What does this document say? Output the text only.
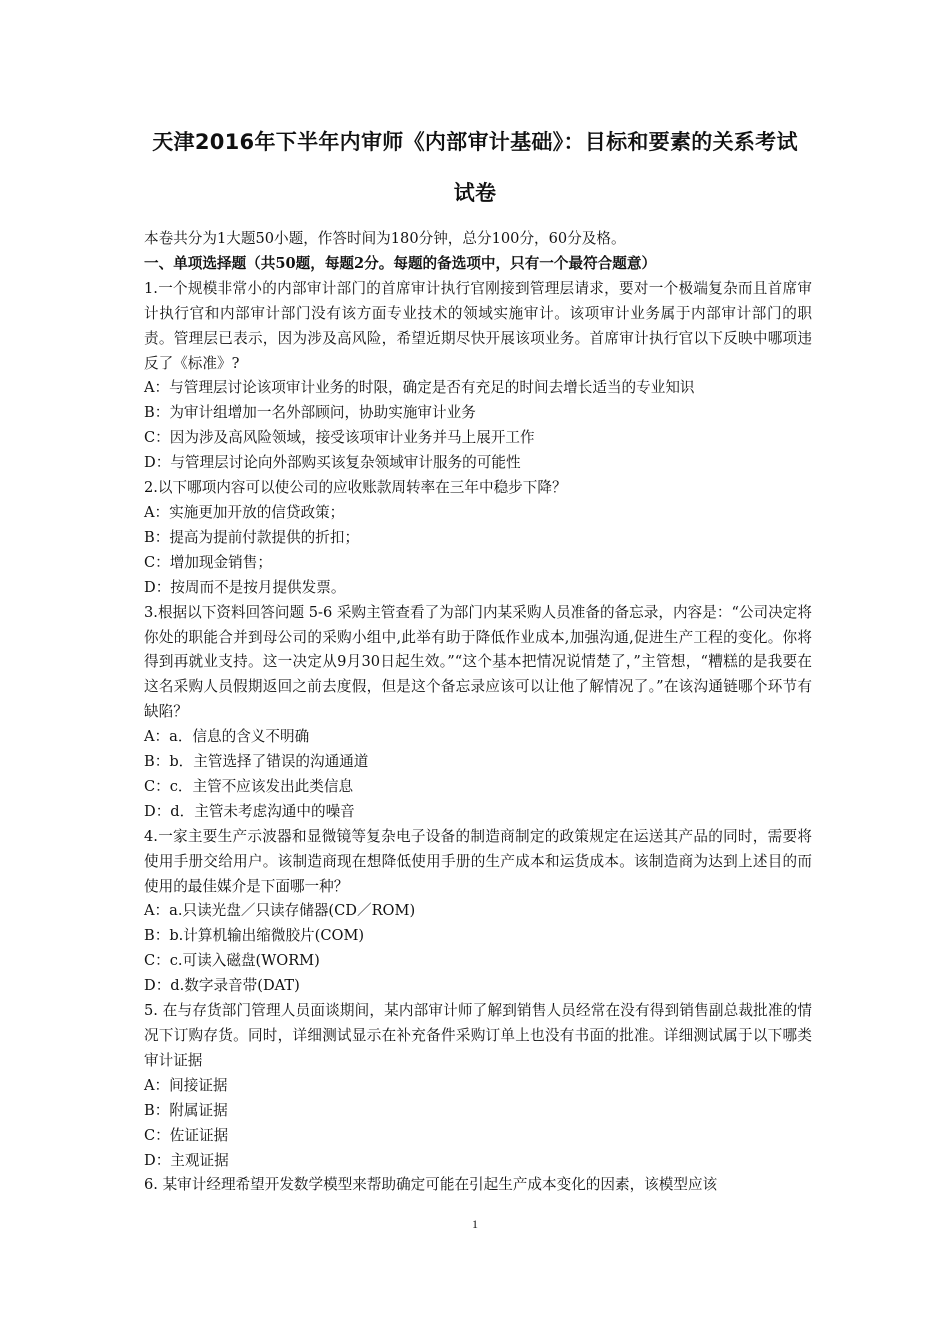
天津2016年下半年内审师《内部审计基础》：目标和要素的关系考试
试卷

本卷共分为1大题50小题，作答时间为180分钟，总分100分，60分及格。

一、单项选择题（共50题，每题2分。每题的备选项中，只有一个最符合题意）

1.一个规模非常小的内部审计部门的首席审计执行官刚接到管理层请求，要对一个极端复杂而且首席审计执行官和内部审计部门没有该方面专业技术的领域实施审计。该项审计业务属于内部审计部门的职责。管理层已表示，因为涉及高风险，希望近期尽快开展该项业务。首席审计执行官以下反映中哪项违反了《标准》?

A：与管理层讨论该项审计业务的时限，确定是否有充足的时间去增长适当的专业知识

B：为审计组增加一名外部顾问，协助实施审计业务

C：因为涉及高风险领域，接受该项审计业务并马上展开工作

D：与管理层讨论向外部购买该复杂领域审计服务的可能性

2.以下哪项内容可以使公司的应收账款周转率在三年中稳步下降？

A：实施更加开放的信贷政策；

B：提高为提前付款提供的折扣；

C：增加现金销售；

D：按周而不是按月提供发票。

3.根据以下资料回答问题 5-6 采购主管查看了为部门内某采购人员准备的备忘录，内容是：“公司决定将你处的职能合并到母公司的采购小组中,此举有助于降低作业成本,加强沟通,促进生产工程的变化。你将得到再就业支持。这一决定从9月30日起生效。”“这个基本把情况说情楚了，”主管想，“糟糕的是我要在这名采购人员假期返回之前去度假，但是这个备忘录应该可以让他了解情况了。”在该沟通链哪个环节有缺陷？

A：a．信息的含义不明确

B：b．主管选择了错误的沟通通道

C：c．主管不应该发出此类信息

D：d．主管未考虑沟通中的噪音

4.一家主要生产示波器和显微镜等复杂电子设备的制造商制定的政策规定在运送其产品的同时，需要将使用手册交给用户。该制造商现在想降低使用手册的生产成本和运货成本。该制造商为达到上述目的而使用的最佳媒介是下面哪一种？

A：a.只读光盘／只读存储器(CD／ROM)

B：b.计算机输出缩微胶片(COM)

C：c.可读入磁盘(WORM)

D：d.数字录音带(DAT)

5. 在与存货部门管理人员面谈期间，某内部审计师了解到销售人员经常在没有得到销售副总裁批准的情况下订购存货。同时，详细测试显示在补充备件采购订单上也没有书面的批准。详细测试属于以下哪类审计证据

A：间接证据

B：附属证据

C：佐证证据

D：主观证据

6. 某审计经理希望开发数学模型来帮助确定可能在引起生产成本变化的因素，该模型应该

1
